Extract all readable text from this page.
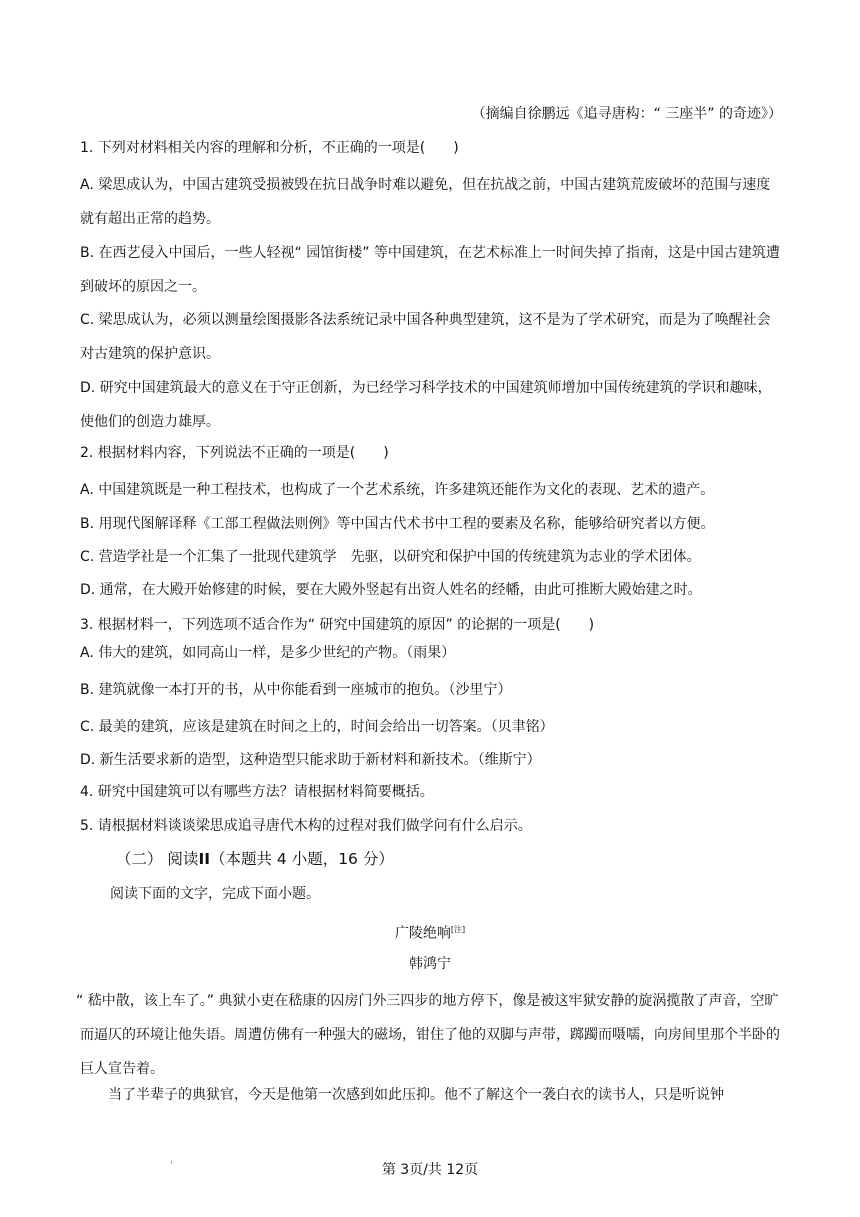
（摘编自徐鹏远《追寻唐构：“ 三座半” 的奇迹》）
1. 下列对材料相关内容的理解和分析，不正确的一项是(　　)
A. 梁思成认为，中国古建筑受损被毁在抗日战争时难以避免，但在抗战之前，中国古建筑荒废破坏的范围与速度就有超出正常的趋势。
B. 在西艺侵入中国后，一些人轻视“ 园馆街楼” 等中国建筑，在艺术标准上一时间失掉了指南，这是中国古建筑遭到破坏的原因之一。
C. 梁思成认为，必须以测量绘图摄影各法系统记录中国各种典型建筑，这不是为了学术研究，而是为了唤醒社会对古建筑的保护意识。
D. 研究中国建筑最大的意义在于守正创新，为已经学习科学技术的中国建筑师增加中国传统建筑的学识和趣味，使他们的创造力雄厚。
2. 根据材料内容，下列说法不正确的一项是(　　)
A. 中国建筑既是一种工程技术，也构成了一个艺术系统，许多建筑还能作为文化的表现、艺术的遗产。
B. 用现代图解译释《工部工程做法则例》等中国古代术书中工程的要素及名称，能够给研究者以方便。
C. 营造学社是一个汇集了一批现代建筑学　先驱，以研究和保护中国的传统建筑为志业的学术团体。
D. 通常，在大殿开始修建的时候，要在大殿外竖起有出资人姓名的经幡，由此可推断大殿始建之时。
3. 根据材料一，下列选项不适合作为“ 研究中国建筑的原因” 的论据的一项是(　　)
A. 伟大的建筑，如同高山一样，是多少世纪的产物。（雨果）
B. 建筑就像一本打开的书，从中你能看到一座城市的抱负。（沙里宁）
C. 最美的建筑，应该是建筑在时间之上的，时间会给出一切答案。（贝聿铭）
D. 新生活要求新的造型，这种造型只能求助于新材料和新技术。（维斯宁）
4. 研究中国建筑可以有哪些方法？请根据材料简要概括。
5. 请根据材料谈谈梁思成追寻唐代木构的过程对我们做学问有什么启示。
（二） 阅读II（本题共 4 小题，16 分）
阅读下面的文字，完成下面小题。
广陵绝响[注]
韩鸿宁
“ 嵇中散，该上车了。” 典狱小吏在嵇康的囚房门外三四步的地方停下，像是被这牢狱安静的旋涡揽散了声音，空旷而逼仄的环境让他失语。周遭仿佛有一种强大的磁场，钳住了他的双脚与声带，踯躅而嗫嚅，向房间里那个半卧的巨人宣告着。
当了半辈子的典狱官，今天是他第一次感到如此压抑。他不了解这个一袭白衣的读书人，只是听说钟
'	第 3页/共 12页
